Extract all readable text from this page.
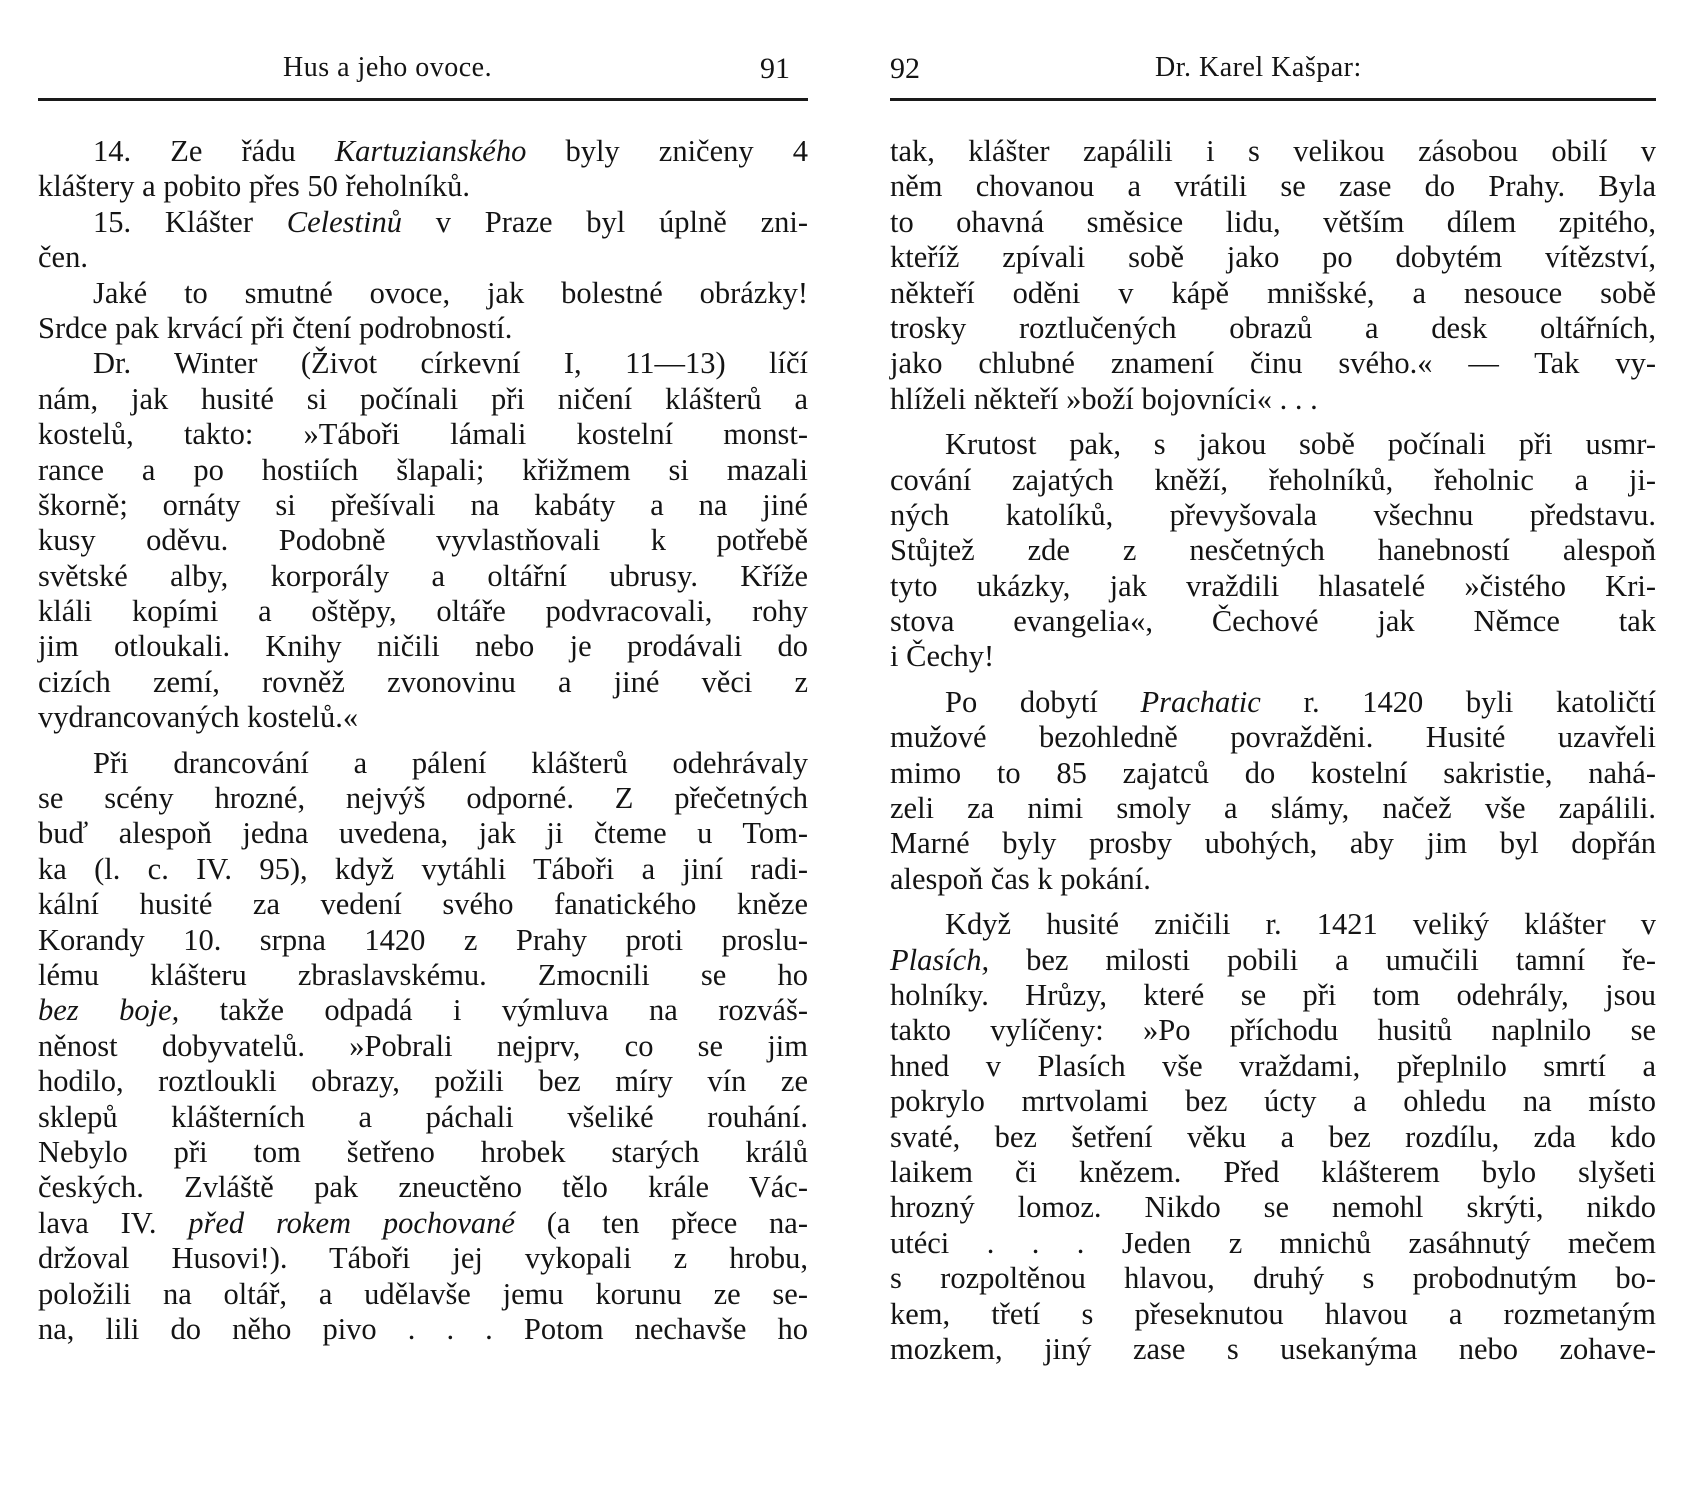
Hus a jeho ovoce.	91
14. Ze řádu Kartuzianského byly zničeny 4
kláštery a pobito přes 50 řeholníků.
15. Klášter Celestinů v Praze byl úplně zni-
čen.
Jaké to smutné ovoce, jak bolestné obrázky!
Srdce pak krvácí při čtení podrobností.
Dr. Winter (Život církevní I, 11—13) líčí
nám, jak husité si počínali při ničení klášterů a
kostelů, takto: »Táboři lámali kostelní monst-
rance a po hostiích šlapali; křižmem si mazali
škorně; ornáty si přešívali na kabáty a na jiné
kusy oděvu. Podobně vyvlastňovali k potřebě
světské alby, korporály a oltářní ubrusy. Kříže
kláli kopími a oštěpy, oltáře podvracovali, rohy
jim otloukali. Knihy ničili nebo je prodávali do
cizích zemí, rovněž zvonovinu a jiné věci z
vydrancovaných kostelů.«
Při drancování a pálení klášterů odehrávaly
se scény hrozné, nejvýš odporné. Z přečetných
buď alespoň jedna uvedena, jak ji čteme u Tom-
ka (l. c. IV. 95), když vytáhli Táboři a jiní radi-
kální husité za vedení svého fanatického kněze
Korandy 10. srpna 1420 z Prahy proti proslu-
lému klášteru zbraslavskému. Zmocnili se ho
bez boje, takže odpadá i výmluva na rozváš-
něnost dobyvatelů. »Pobrali nejprv, co se jim
hodilo, roztloukli obrazy, požili bez míry vín ze
sklepů klášterních a páchali všeliké rouhání.
Nebylo při tom šetřeno hrobek starých králů
českých. Zvláště pak zneuctěno tělo krále Vác-
lava IV. před rokem pochované (a ten přece na-
držoval Husovi!). Táboři jej vykopali z hrobu,
položili na oltář, a udělavše jemu korunu ze se-
na, lili do něho pivo . . . Potom nechavše ho
92	Dr. Karel Kašpar:
tak, klášter zapálili i s velikou zásobou obilí v
něm chovanou a vrátili se zase do Prahy. Byla
to ohavná směsice lidu, větším dílem zpitého,
kteříž zpívali sobě jako po dobytém vítězství,
někteří oděni v kápě mnišské, a nesouce sobě
trosky roztlučených obrazů a desk oltářních,
jako chlubné znamení činu svého.« — Tak vy-
hlíželi někteří »boží bojovníci« . . .
Krutost pak, s jakou sobě počínali při usmr-
cování zajatých kněží, řeholníků, řeholnic a ji-
ných katolíků, převyšovala všechnu představu.
Stůjtež zde z nesčetných hanebností alespoň
tyto ukázky, jak vraždili hlasatelé »čistého Kri-
stova evangelia«, Čechové jak Němce tak
i Čechy!
Po dobytí Prachatic r. 1420 byli katoličtí
mužové bezohledně povražděni. Husité uzavřeli
mimo to 85 zajatců do kostelní sakristie, nahá-
zeli za nimi smoly a slámy, načež vše zapálili.
Marné byly prosby ubohých, aby jim byl dopřán
alespoň čas k pokání.
Když husité zničili r. 1421 veliký klášter v
Plasích, bez milosti pobili a umučili tamní ře-
holníky. Hrůzy, které se při tom odehrály, jsou
takto vylíčeny: »Po příchodu husitů naplnilo se
hned v Plasích vše vraždami, přeplnilo smrtí a
pokrylo mrtvolami bez úcty a ohledu na místo
svaté, bez šetření věku a bez rozdílu, zda kdo
laikem či knězem. Před klášterem bylo slyšeti
hrozný lomoz. Nikdo se nemohl skrýti, nikdo
utéci . . . Jeden z mnichů zasáhnutý mečem
s rozpoltěnou hlavou, druhý s probodnutým bo-
kem, třetí s přeseknutou hlavou a rozmetaným
mozkem, jiný zase s usekanýma nebo zohave-
